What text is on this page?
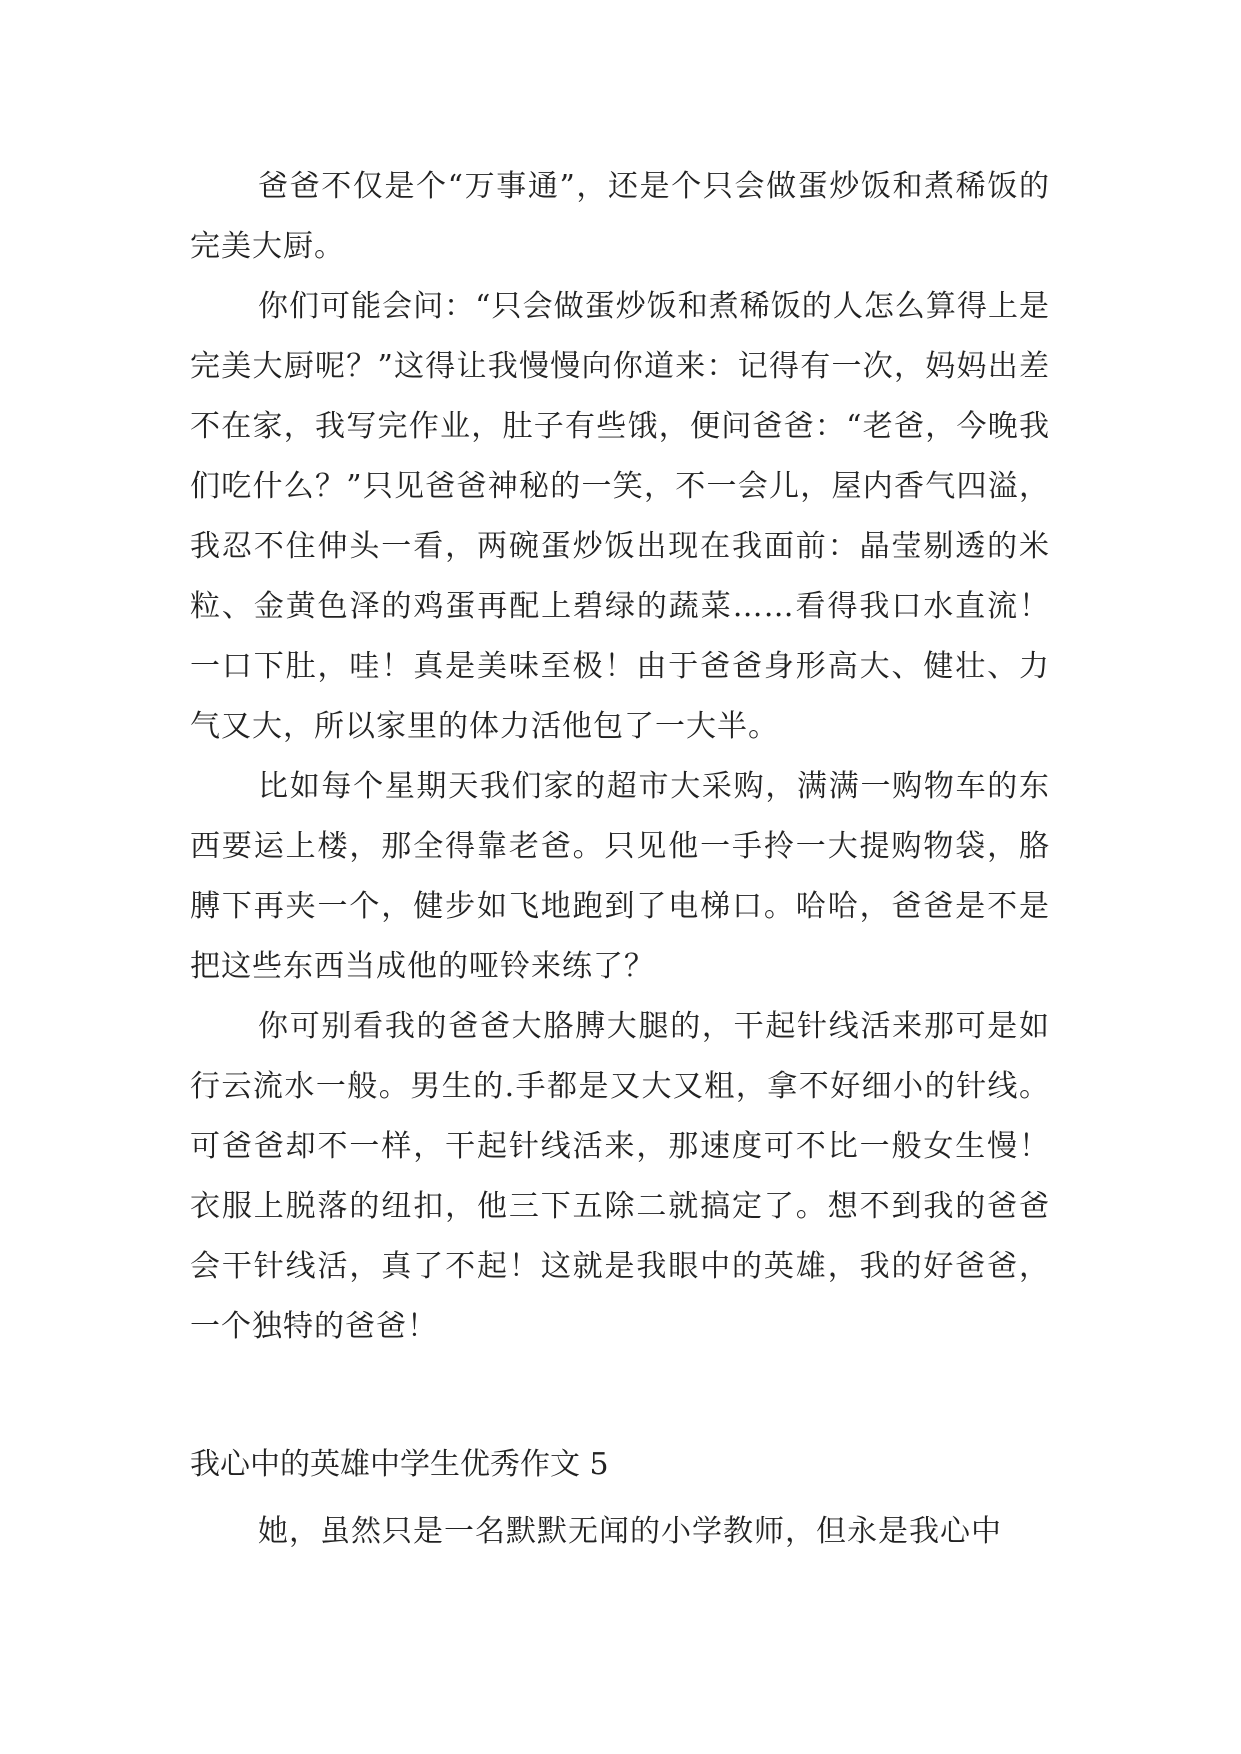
爸爸不仅是个“万事通”，还是个只会做蛋炒饭和煮稀饭的完美大厨。

你们可能会问：“只会做蛋炒饭和煮稀饭的人怎么算得上是完美大厨呢？”这得让我慢慢向你道来：记得有一次，妈妈出差不在家，我写完作业，肚子有些饿，便问爸爸：“老爸，今晚我们吃什么？”只见爸爸神秘的一笑，不一会儿，屋内香气四溢，我忍不住伸头一看，两碗蛋炒饭出现在我面前：晶莹剔透的米粒、金黄色泽的鸡蛋再配上碧绿的蔬菜……看得我口水直流！一口下肚，哇！真是美味至极！由于爸爸身形高大、健壮、力气又大，所以家里的体力活他包了一大半。

比如每个星期天我们家的超市大采购，满满一购物车的东西要运上楼，那全得靠老爸。只见他一手拎一大提购物袋，胳膊下再夹一个，健步如飞地跑到了电梯口。哈哈，爸爸是不是把这些东西当成他的哑铃来练了？

你可别看我的爸爸大胳膊大腿的，干起针线活来那可是如行云流水一般。男生的.手都是又大又粗，拿不好细小的针线。可爸爸却不一样，干起针线活来，那速度可不比一般女生慢！衣服上脱落的纽扣，他三下五除二就搞定了。想不到我的爸爸会干针线活，真了不起！这就是我眼中的英雄，我的好爸爸，一个独特的爸爸！

我心中的英雄中学生优秀作文 5

她，虽然只是一名默默无闻的小学教师，但永是我心中
